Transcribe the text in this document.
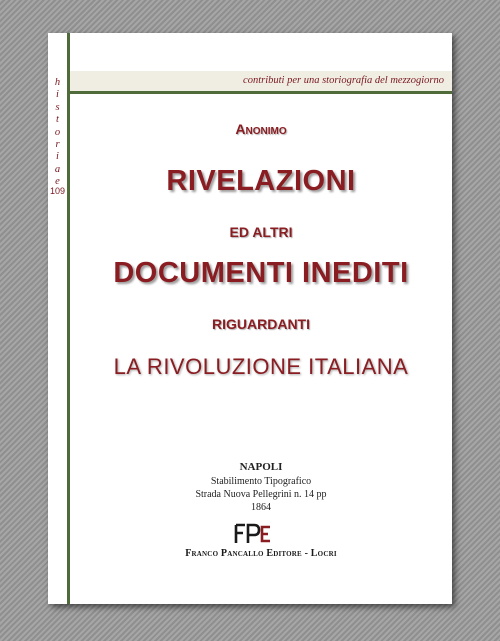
contributi per una storiografia del mezzogiorno
h
i
s
t
o
r
i
a
e
109

Anonimo

RIVELAZIONI

ED ALTRI

DOCUMENTI INEDITI

RIGUARDANTI

LA RIVOLUZIONE ITALIANA

NAPOLI

Stabilimento Tipografico

Strada Nuova Pellegrini n. 14 pp

1864

Franco Pancallo Editore - Locri
